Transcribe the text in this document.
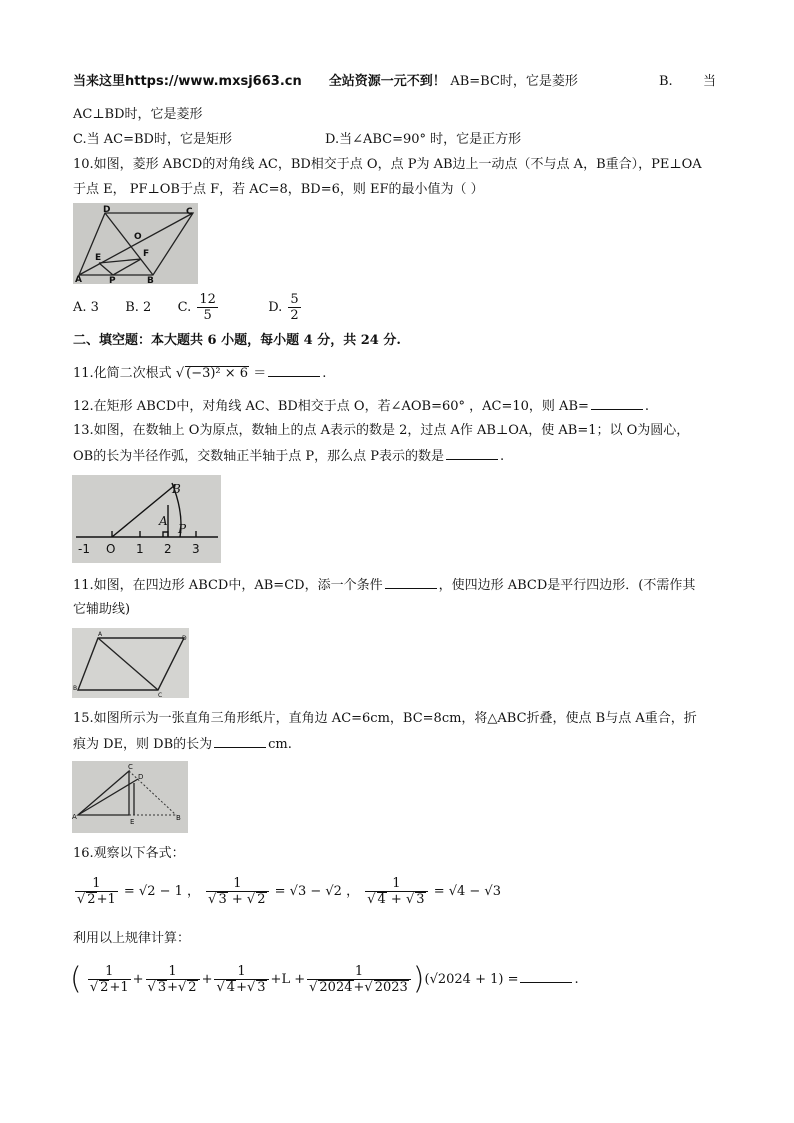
当来这里https://www.mxsj663.cn 全站资源一元不到！ AB=BC时，它是菱形	B. 当
AC⊥BD时，它是菱形
C.当 AC=BD时，它是矩形	D.当∠ABC=90° 时，它是正方形
10.如图，菱形 ABCD的对角线 AC，BD相交于点 O，点 P为 AB边上一动点（不与点 A，B重合），PE⊥OA
于点 E， PF⊥OB于点 F，若 AC=8，BD=6，则 EF的最小值为（ ）
D	C
O
E	F
A	P	B
A. 3 B. 2 C. $\frac{12}{5}$	D. $\frac{5}{2}$
二、填空题：本大题共 6 小题，每小题 4 分，共 24 分.
11.化简二次根式 √ (−3)² × 6 ＝	.
12.在矩形 ABCD中，对角线 AC、BD相交于点 O，若∠AOB=60° ，AC=10，则 AB=	.
13.如图，在数轴上 O为原点，数轴上的点 A表示的数是 2，过点 A作 AB⊥OA，使 AB=1；以 O为圆心，
OB的长为半径作弧，交数轴正半轴于点 P，那么点 P表示的数是	.
B
A
P
-1 O 1 2 3
11.如图，在四边形 ABCD中，AB=CD，添一个条件	，使四边形 ABCD是平行四边形．(不需作其
它辅助线)
A
D
B
C
15.如图所示为一张直角三角形纸片，直角边 AC=6cm，BC=8cm，将△ABC折叠，使点 B与点 A重合，折
痕为 DE，则 DB的长为	cm.
C
D
A
E	B
16.观察以下各式：
$\frac{1}{√ 2+1} = √2 - 1$ ， $\frac{1}{√ 3 + √ 2} = √3 - √2$ ， $\frac{1}{√ 4 + √ 3} = √4 - √3$
利用以上规律计算：
( $\frac{1}{√ 2+1} + \frac{1}{√ 3+√ 2} + \frac{1}{√ 4+√ 3} +L + \frac{1}{√ 2024+√ 2023} )(√2024 + 1)$ =	.
